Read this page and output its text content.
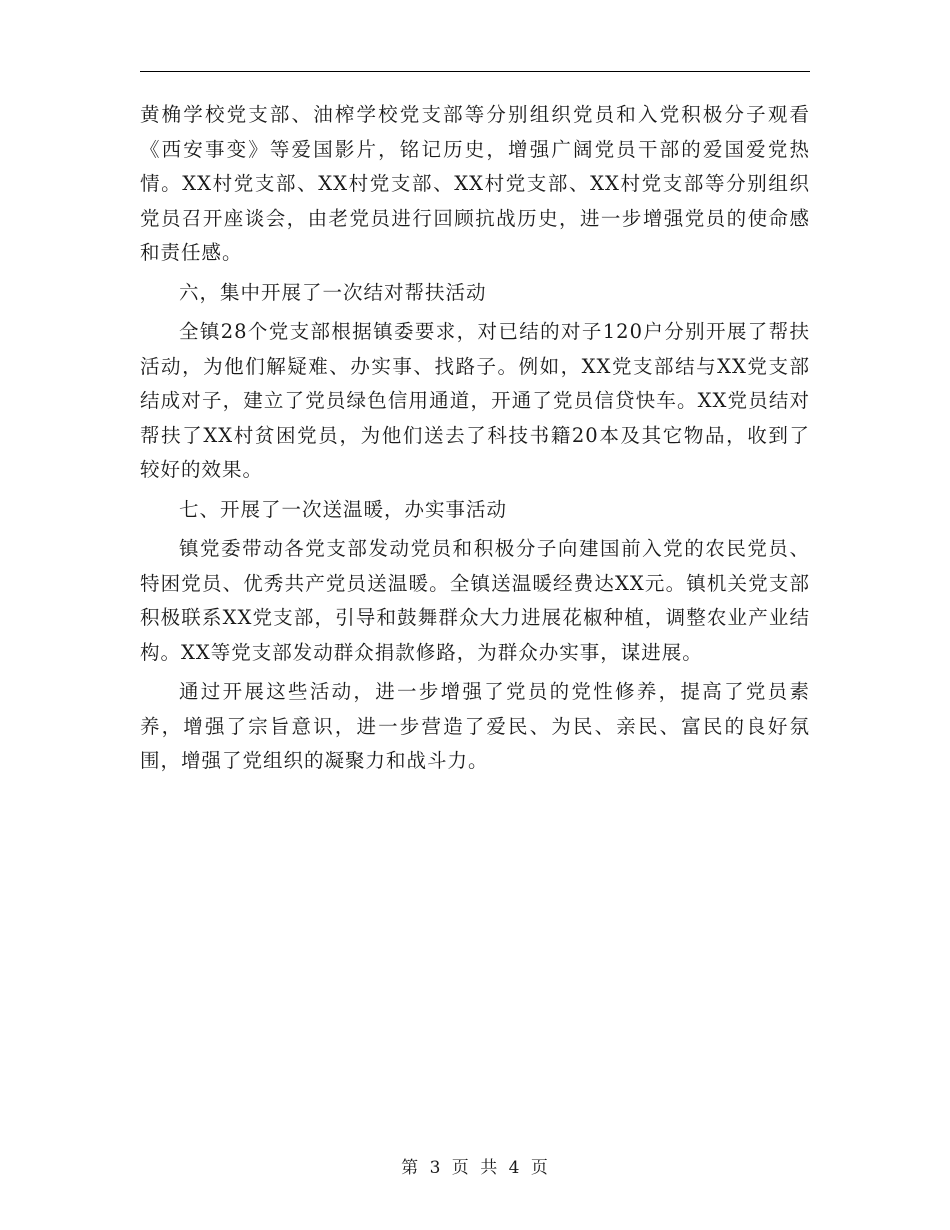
黄桷学校党支部、油榨学校党支部等分别组织党员和入党积极分子观看《西安事变》等爱国影片，铭记历史，增强广阔党员干部的爱国爱党热情。XX村党支部、XX村党支部、XX村党支部、XX村党支部等分别组织党员召开座谈会，由老党员进行回顾抗战历史，进一步增强党员的使命感和责任感。

六，集中开展了一次结对帮扶活动

全镇28个党支部根据镇委要求，对已结的对子120户分别开展了帮扶活动，为他们解疑难、办实事、找路子。例如，XX党支部结与XX党支部结成对子，建立了党员绿色信用通道，开通了党员信贷快车。XX党员结对帮扶了XX村贫困党员，为他们送去了科技书籍20本及其它物品，收到了较好的效果。

七、开展了一次送温暖，办实事活动

镇党委带动各党支部发动党员和积极分子向建国前入党的农民党员、特困党员、优秀共产党员送温暖。全镇送温暖经费达XX元。镇机关党支部积极联系XX党支部，引导和鼓舞群众大力进展花椒种植，调整农业产业结构。XX等党支部发动群众捐款修路，为群众办实事，谋进展。

通过开展这些活动，进一步增强了党员的党性修养，提高了党员素养，增强了宗旨意识，进一步营造了爱民、为民、亲民、富民的良好氛围，增强了党组织的凝聚力和战斗力。

第 3 页 共 4 页
